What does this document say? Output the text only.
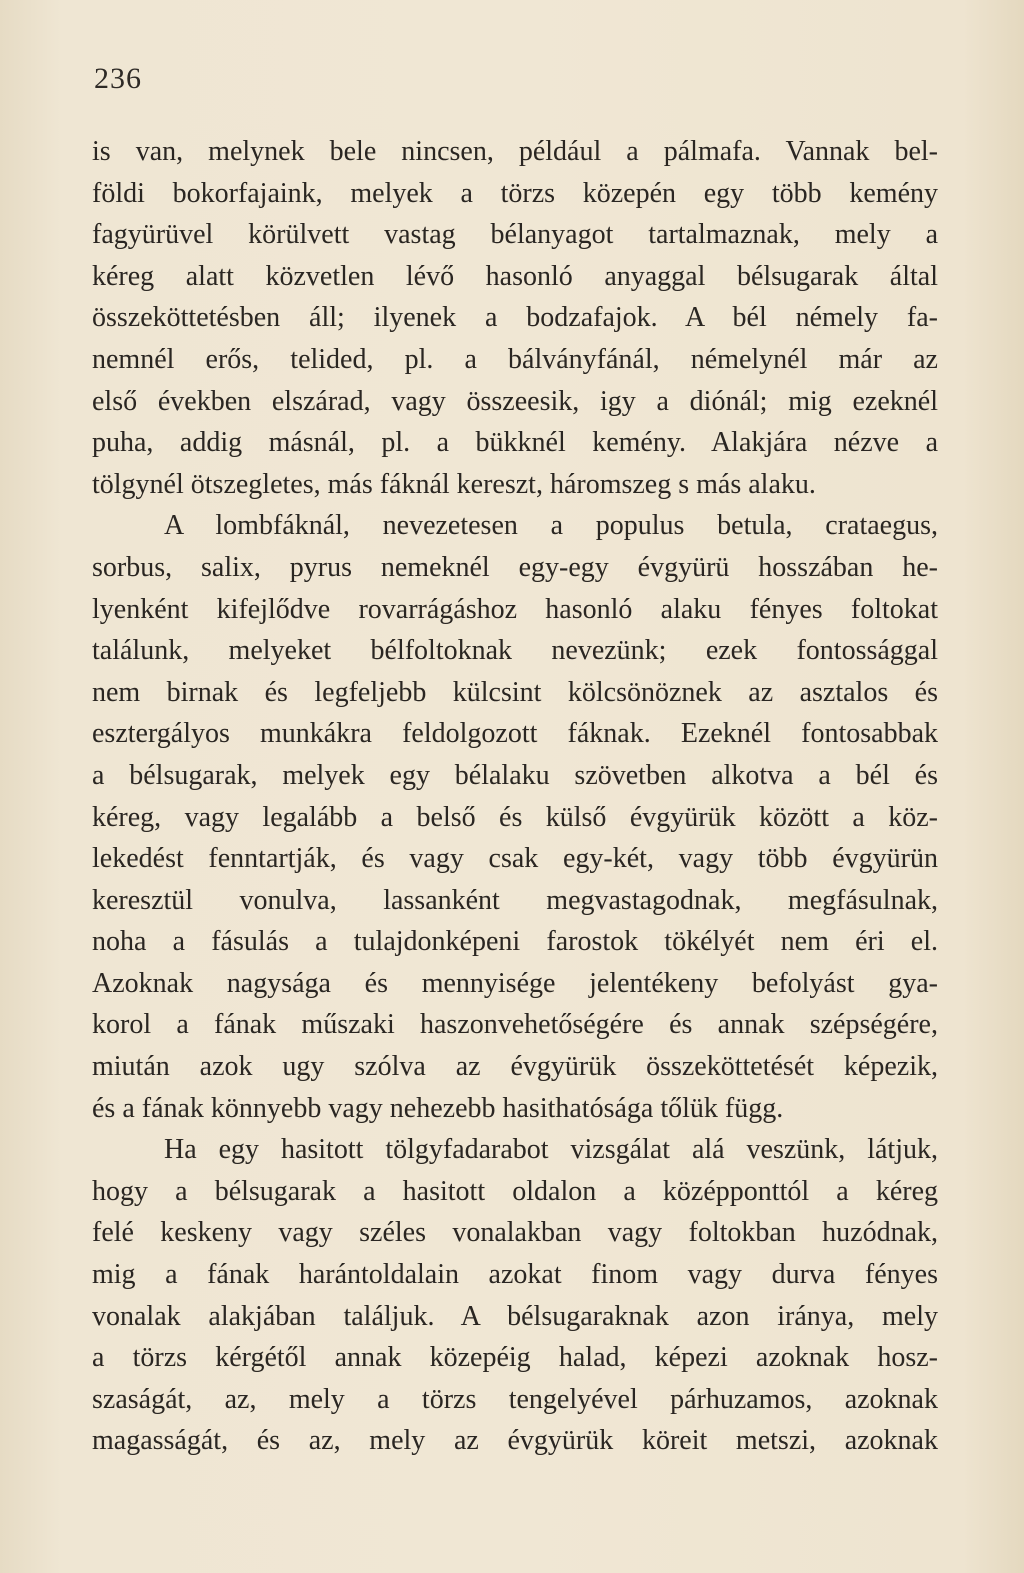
236
is van, melynek bele nincsen, például a pálmafa. Vannak bel-
földi bokorfajaink, melyek a törzs közepén egy több kemény
fagyürüvel körülvett vastag bélanyagot tartalmaznak, mely a
kéreg alatt közvetlen lévő hasonló anyaggal bélsugarak által
összeköttetésben áll; ilyenek a bodzafajok. A bél némely fa-
nemnél erős, telided, pl. a bálványfánál, némelynél már az
első években elszárad, vagy összeesik, igy a diónál; mig ezeknél
puha, addig másnál, pl. a bükknél kemény. Alakjára nézve a
tölgynél ötszegletes, más fáknál kereszt, háromszeg s más alaku.
A lombfáknál, nevezetesen a populus betula, crataegus,
sorbus, salix, pyrus nemeknél egy-egy évgyürü hosszában he-
lyenként kifejlődve rovarrágáshoz hasonló alaku fényes foltokat
találunk, melyeket bélfoltoknak nevezünk; ezek fontossággal
nem birnak és legfeljebb külcsint kölcsönöznek az asztalos és
esztergályos munkákra feldolgozott fáknak. Ezeknél fontosabbak
a bélsugarak, melyek egy bélalaku szövetben alkotva a bél és
kéreg, vagy legalább a belső és külső évgyürük között a köz-
lekedést fenntartják, és vagy csak egy-két, vagy több évgyürün
keresztül vonulva, lassanként megvastagodnak, megfásulnak,
noha a fásulás a tulajdonképeni farostok tökélyét nem éri el.
Azoknak nagysága és mennyisége jelentékeny befolyást gya-
korol a fának műszaki haszonvehetőségére és annak szépségére,
miután azok ugy szólva az évgyürük összeköttetését képezik,
és a fának könnyebb vagy nehezebb hasithatósága tőlük függ.
Ha egy hasitott tölgyfadarabot vizsgálat alá veszünk, látjuk,
hogy a bélsugarak a hasitott oldalon a középponttól a kéreg
felé keskeny vagy széles vonalakban vagy foltokban huzódnak,
mig a fának harántoldalain azokat finom vagy durva fényes
vonalak alakjában találjuk. A bélsugaraknak azon iránya, mely
a törzs kérgétől annak közepéig halad, képezi azoknak hosz-
szaságát, az, mely a törzs tengelyével párhuzamos, azoknak
magasságát, és az, mely az évgyürük köreit metszi, azoknak
